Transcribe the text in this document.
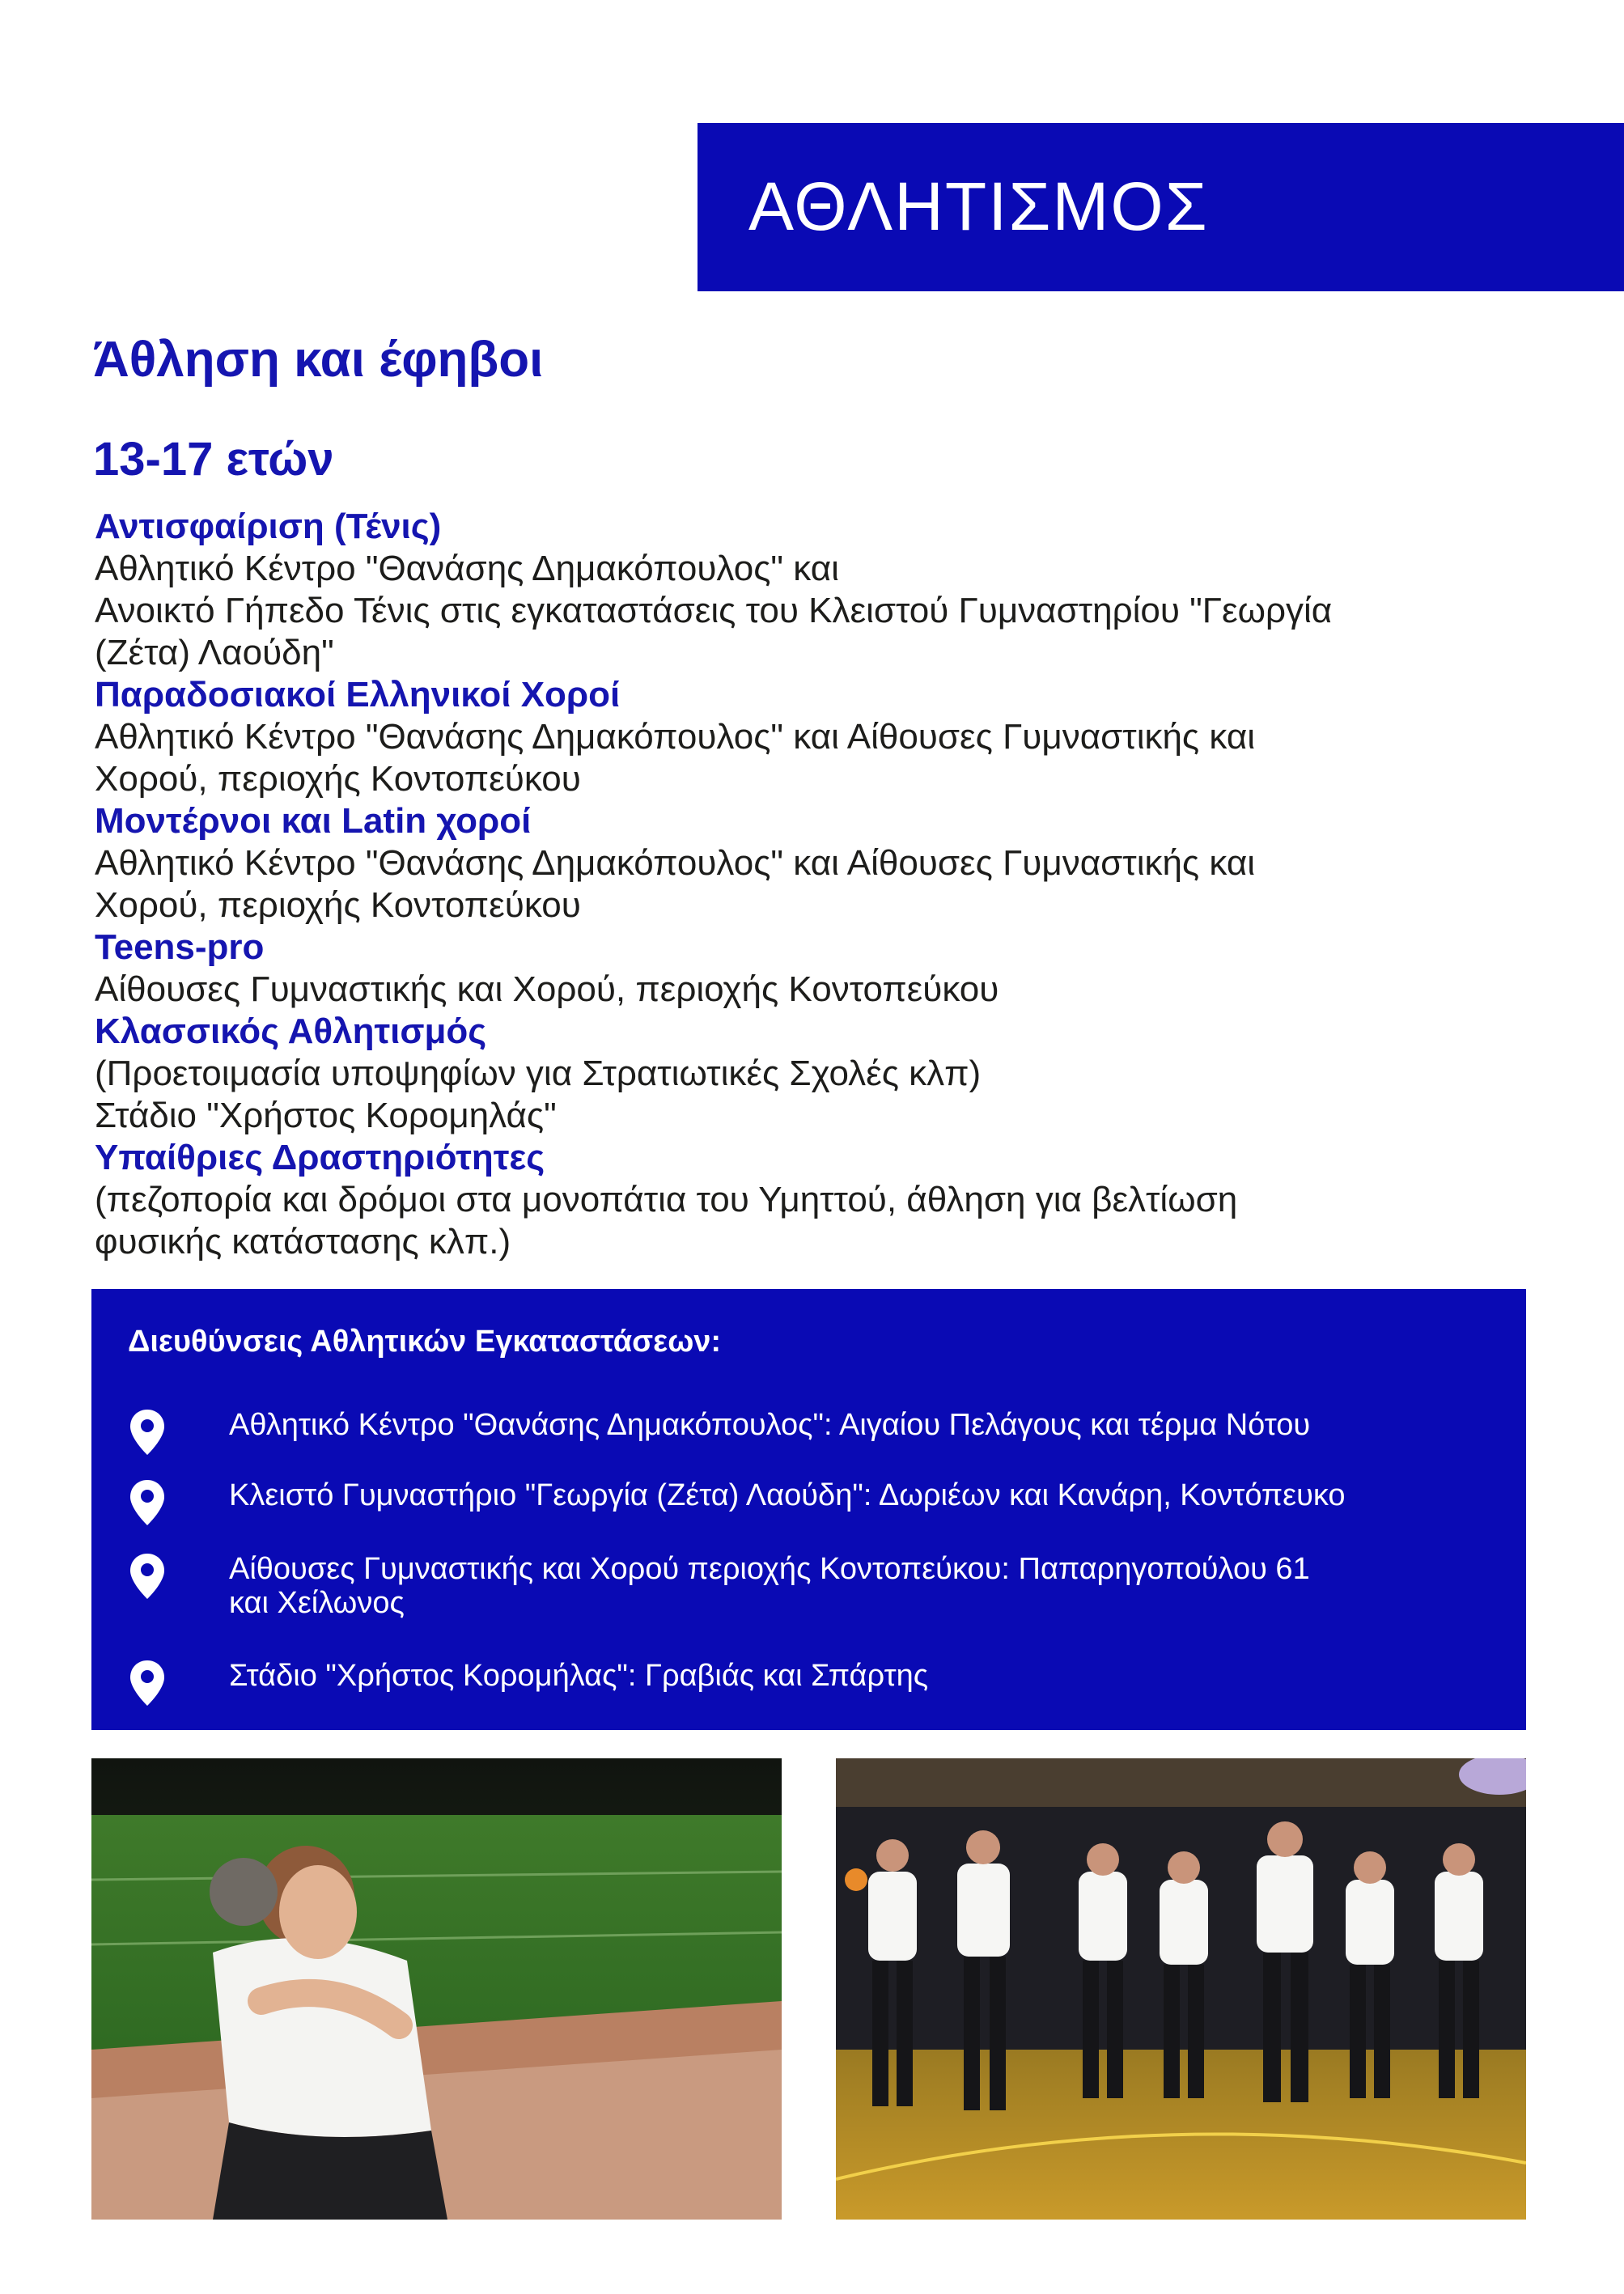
ΑΘΛΗΤΙΣΜΟΣ
Άθληση και έφηβοι
13-17 ετών
Αντισφαίριση (Τένις)
Αθλητικό Κέντρο "Θανάσης Δημακόπουλος" και
Ανοικτό Γήπεδο Τένις στις εγκαταστάσεις του Κλειστού Γυμναστηρίου "Γεωργία
(Ζέτα) Λαούδη"
Παραδοσιακοί Ελληνικοί Χοροί
Αθλητικό Κέντρο "Θανάσης Δημακόπουλος" και Αίθουσες Γυμναστικής και
Χορού, περιοχής Κοντοπεύκου
Μοντέρνοι και Latin χοροί
Αθλητικό Κέντρο "Θανάσης Δημακόπουλος" και Αίθουσες Γυμναστικής και
Χορού, περιοχής Κοντοπεύκου
Teens-pro
Αίθουσες Γυμναστικής και Χορού, περιοχής Κοντοπεύκου
Κλασσικός Αθλητισμός
(Προετοιμασία υποψηφίων για Στρατιωτικές Σχολές κλπ)
Στάδιο "Χρήστος Κορομηλάς"
Υπαίθριες Δραστηριότητες
(πεζοπορία και δρόμοι στα μονοπάτια του Υμηττού, άθληση για βελτίωση
φυσικής κατάστασης κλπ.)
Διευθύνσεις Αθλητικών Εγκαταστάσεων:
Αθλητικό Κέντρο "Θανάσης Δημακόπουλος": Αιγαίου Πελάγους και τέρμα Νότου
Κλειστό Γυμναστήριο "Γεωργία (Ζέτα) Λαούδη": Δωριέων και Κανάρη, Κοντόπευκο
Αίθουσες Γυμναστικής και Χορού περιοχής Κοντοπεύκου: Παπαρηγοπούλου 61
και Χείλωνος
Στάδιο "Χρήστος Κορομήλας": Γραβιάς και Σπάρτης
